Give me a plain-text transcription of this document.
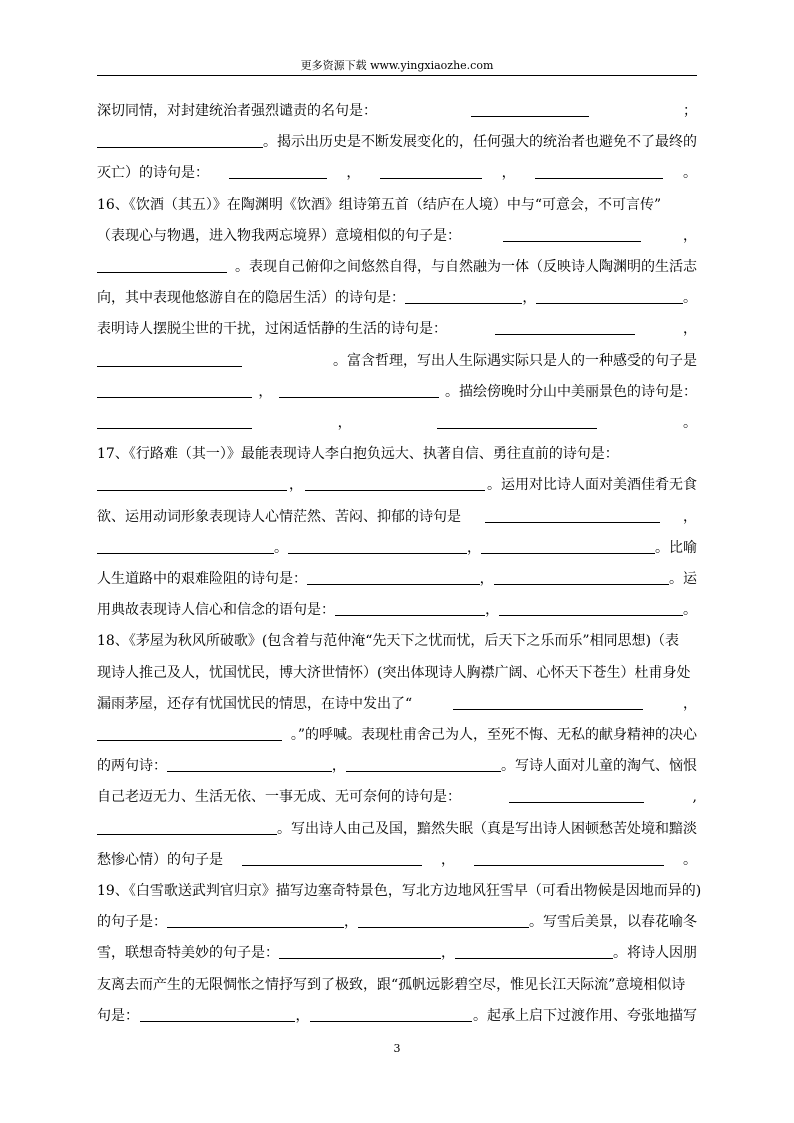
更多资源下载 www.yingxiaozhe.com
深切同情，对封建统治者强烈谴责的名句是：	；
。揭示出历史是不断发展变化的，任何强大的统治者也避免不了最终的
灭亡）的诗句是：	，	，	。
16、《饮酒（其五）》在陶渊明《饮酒》组诗第五首（结庐在人境）中与“可意会，不可言传”
（表现心与物遇，进入物我两忘境界）意境相似的句子是：	，
。表现自己俯仰之间悠然自得，与自然融为一体（反映诗人陶渊明的生活志
向，其中表现他悠游自在的隐居生活）的诗句是：	，	。
表明诗人摆脱尘世的干扰，过闲适恬静的生活的诗句是：	，
。富含哲理，写出人生际遇实际只是人的一种感受的句子是
，	。描绘傍晚时分山中美丽景色的诗句是：
，	。
17、《行路难（其一）》最能表现诗人李白抱负远大、执著自信、勇往直前的诗句是：
，	。运用对比诗人面对美酒佳肴无食
欲、运用动词形象表现诗人心情茫然、苦闷、抑郁的诗句是	，
。	，	。比喻
人生道路中的艰难险阻的诗句是：	，	。运
用典故表现诗人信心和信念的语句是：	，	。
18、《茅屋为秋风所破歌》(包含着与范仲淹“先天下之忧而忧，后天下之乐而乐”相同思想)（表
现诗人推己及人，忧国忧民，博大济世情怀）(突出体现诗人胸襟广阔、心怀天下苍生）杜甫身处
漏雨茅屋，还存有忧国忧民的情思，在诗中发出了“	，
。”的呼喊。表现杜甫舍己为人，至死不悔、无私的献身精神的决心
的两句诗：	，	。写诗人面对儿童的淘气、恼恨
自己老迈无力、生活无依、一事无成、无可奈何的诗句是：	,
。写出诗人由己及国，黯然失眠（真是写出诗人困顿愁苦处境和黯淡
愁惨心情）的句子是	，	。
19、《白雪歌送武判官归京》描写边塞奇特景色，写北方边地风狂雪早（可看出物候是因地而异的)
的句子是：	，	。写雪后美景，以春花喻冬
雪，联想奇特美妙的句子是：	，	。将诗人因朋
友离去而产生的无限惆怅之情抒写到了极致，跟“孤帆远影碧空尽，惟见长江天际流”意境相似诗
句是：	，	。起承上启下过渡作用、夸张地描写
3
